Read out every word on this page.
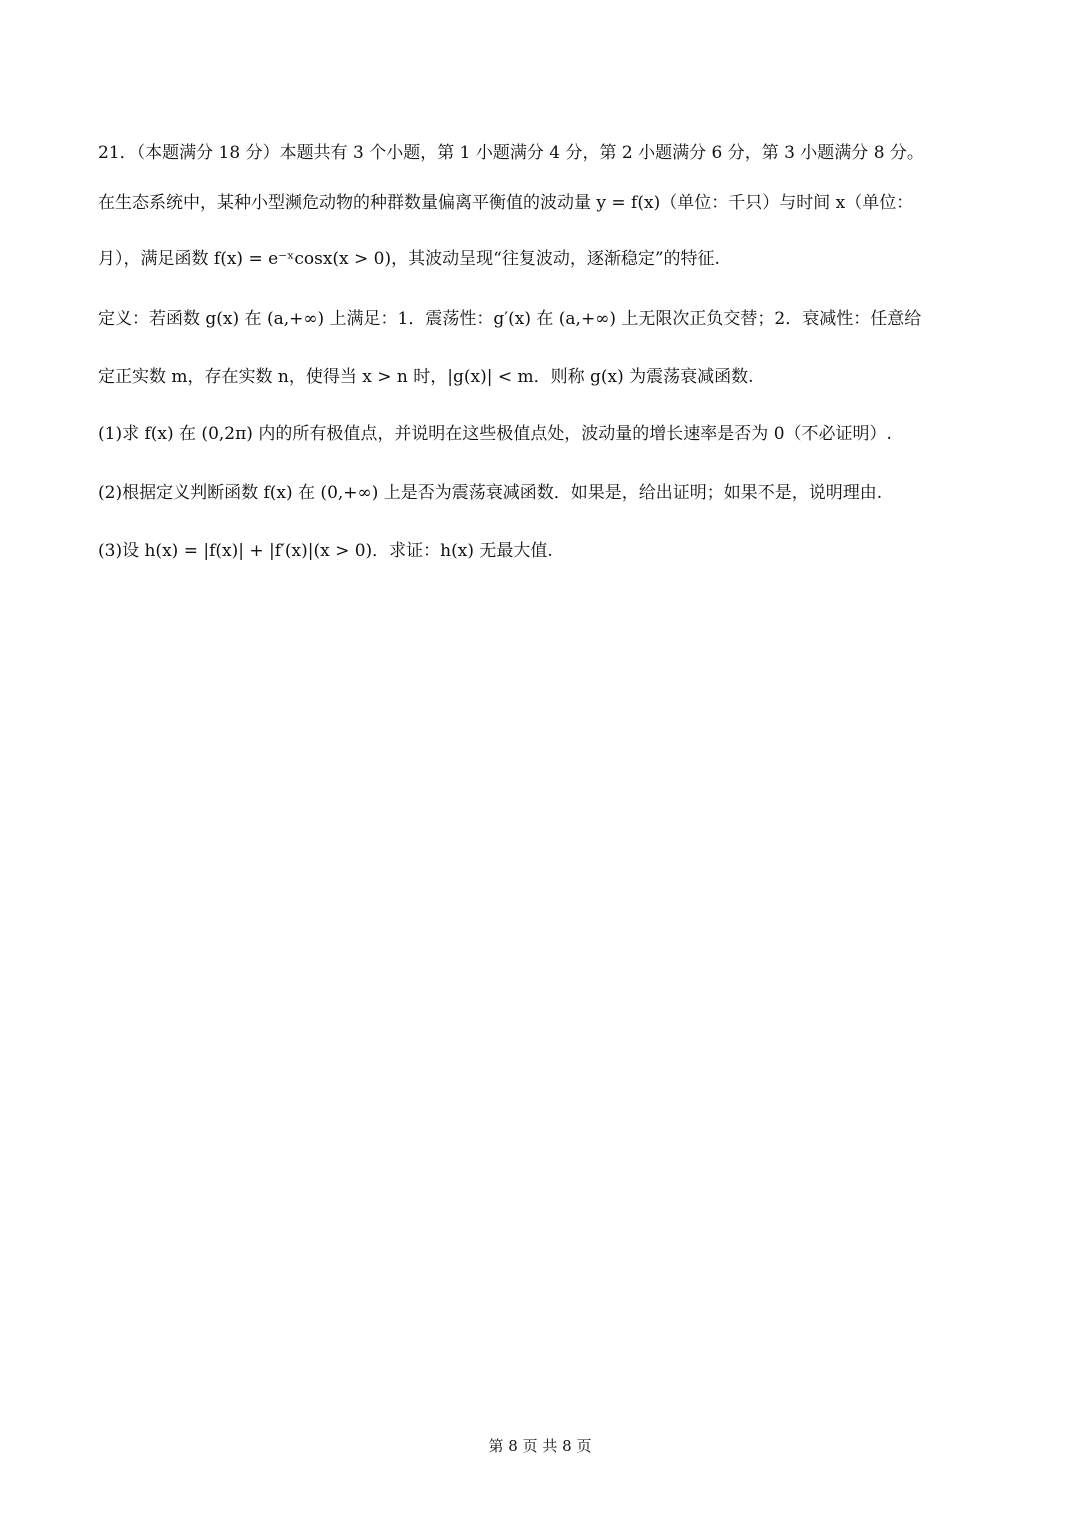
21．（本题满分 18 分）本题共有 3 个小题，第 1 小题满分 4 分，第 2 小题满分 6 分，第 3 小题满分 8 分。
在生态系统中，某种小型濒危动物的种群数量偏离平衡值的波动量 y = f(x)（单位：千只）与时间 x（单位：
月），满足函数 f(x) = e⁻ˣcosx(x > 0)，其波动呈现“往复波动，逐渐稳定”的特征.
定义：若函数 g(x) 在 (a,+∞) 上满足：1．震荡性：g′(x) 在 (a,+∞) 上无限次正负交替；2．衰减性：任意给
定正实数 m，存在实数 n，使得当 x > n 时，|g(x)| < m．则称 g(x) 为震荡衰减函数.
(1)求 f(x) 在 (0,2π) 内的所有极值点，并说明在这些极值点处，波动量的增长速率是否为 0（不必证明）.
(2)根据定义判断函数 f(x) 在 (0,+∞) 上是否为震荡衰减函数．如果是，给出证明；如果不是，说明理由.
(3)设 h(x) = |f(x)| + |f′(x)|(x > 0)．求证：h(x) 无最大值.
第 8 页 共 8 页
